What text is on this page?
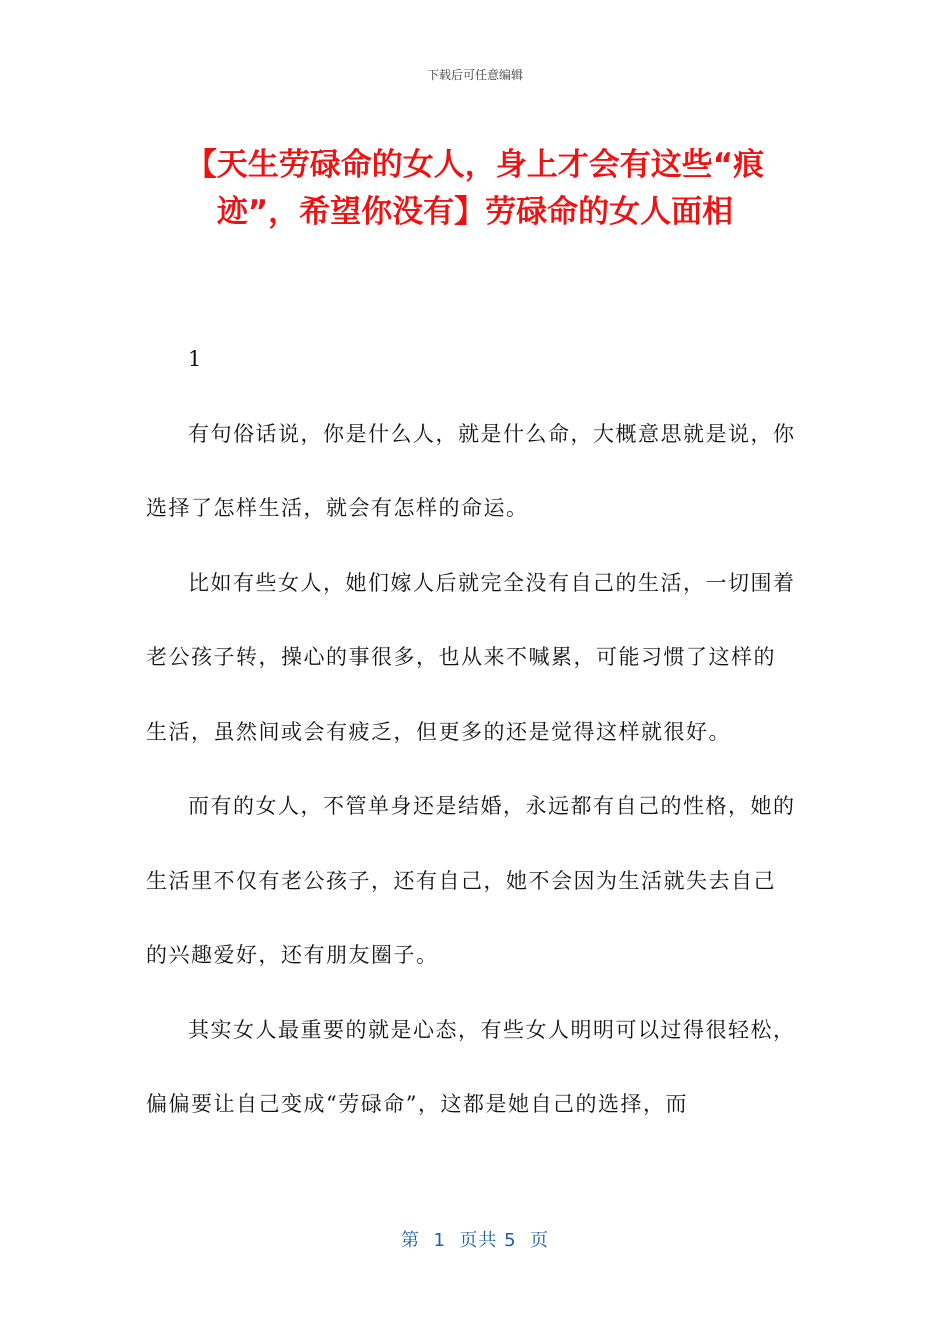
下载后可任意编辑
【天生劳碌命的女人，身上才会有这些“痕迹”，希望你没有】劳碌命的女人面相

1

有句俗话说，你是什么人，就是什么命，大概意思就是说，你选择了怎样生活，就会有怎样的命运。

比如有些女人，她们嫁人后就完全没有自己的生活，一切围着老公孩子转，操心的事很多，也从来不喊累，可能习惯了这样的生活，虽然间或会有疲乏，但更多的还是觉得这样就很好。

而有的女人，不管单身还是结婚，永远都有自己的性格，她的生活里不仅有老公孩子，还有自己，她不会因为生活就失去自己的兴趣爱好，还有朋友圈子。

其实女人最重要的就是心态，有些女人明明可以过得很轻松，偏偏要让自己变成“劳碌命”，这都是她自己的选择，而

第  1  页共 5  页
